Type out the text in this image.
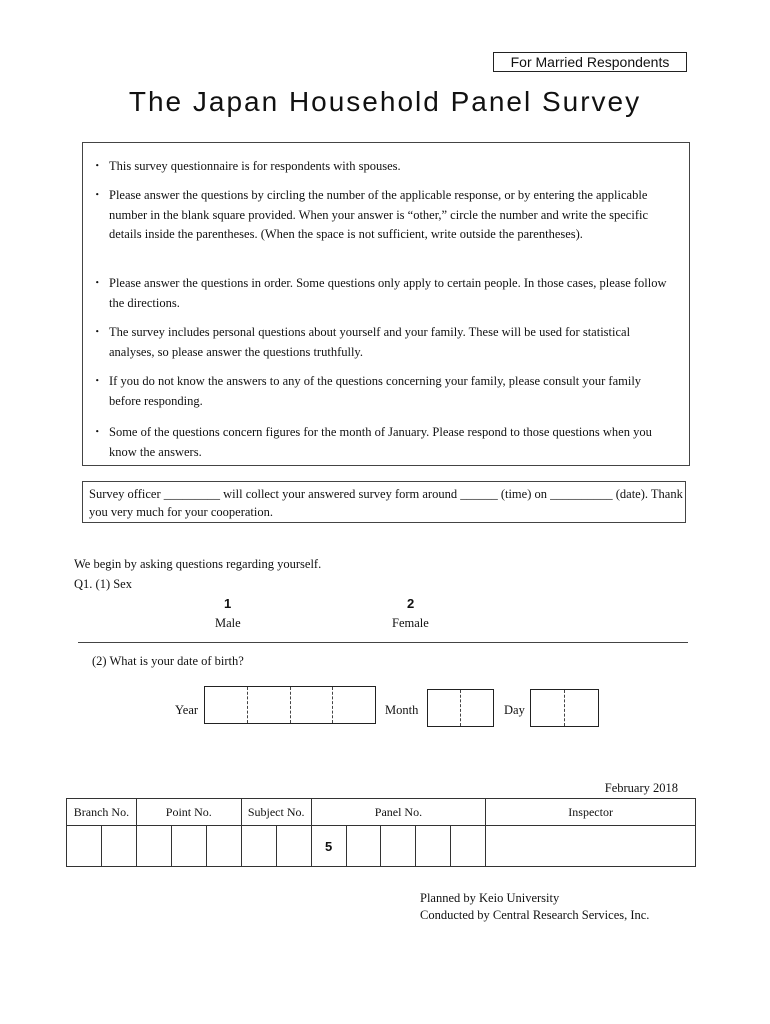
For Married Respondents
The Japan Household Panel Survey
・ This survey questionnaire is for respondents with spouses.
・ Please answer the questions by circling the number of the applicable response, or by entering the applicable number in the blank square provided. When your answer is “other,” circle the number and write the specific details inside the parentheses. (When the space is not sufficient, write outside the parentheses).
・ Please answer the questions in order. Some questions only apply to certain people. In those cases, please follow the directions.
・ The survey includes personal questions about yourself and your family. These will be used for statistical analyses, so please answer the questions truthfully.
・ If you do not know the answers to any of the questions concerning your family, please consult your family before responding.
・ Some of the questions concern figures for the month of January. Please respond to those questions when you know the answers.
Survey officer _________ will collect your answered survey form around ______ (time) on __________ (date). Thank you very much for your cooperation.
We begin by asking questions regarding yourself.
Q1. (1) Sex
1
Male
2
Female
(2) What is your date of birth?
Year	Month	Day
February 2018
Branch No.		Point No.			Subject No.		Panel No.					Inspector
							5					
Planned by Keio University
Conducted by Central Research Services, Inc.
